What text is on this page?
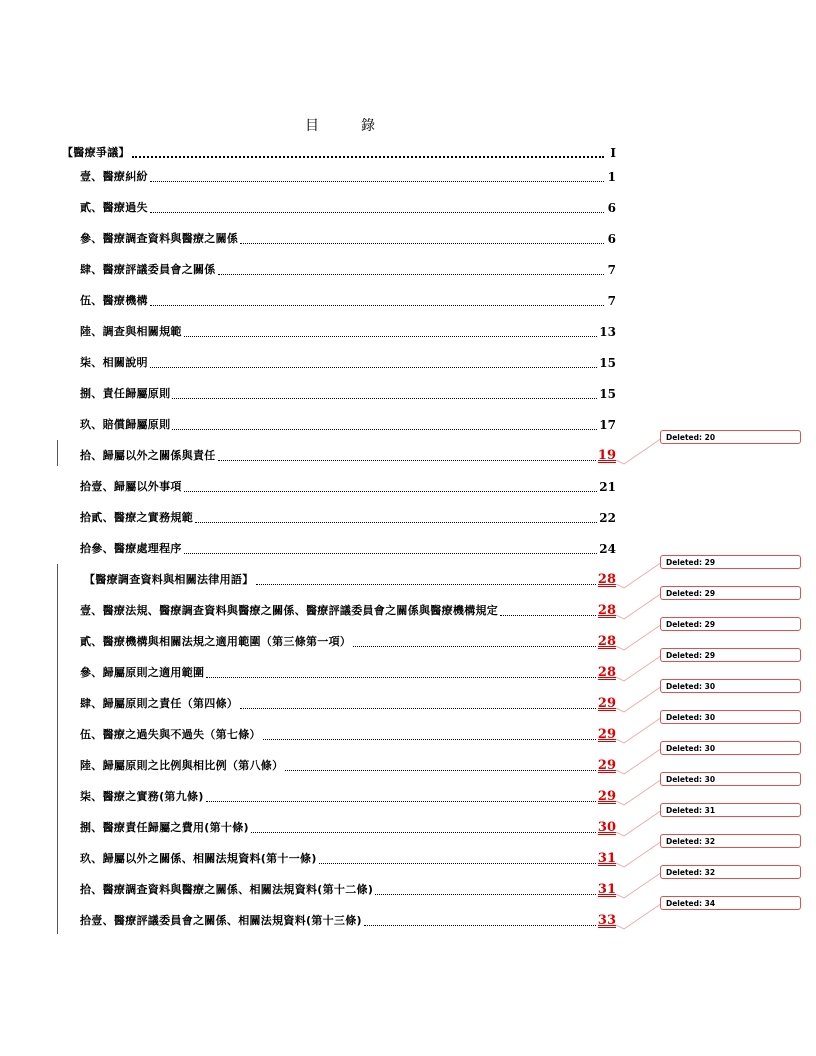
目　錄
【醫療爭議】	I
壹、醫療糾紛	1
貳、醫療過失	6
參、醫療調查資料與醫療之關係	6
肆、醫療評議委員會之關係	7
伍、醫療機構	7
陸、調查與相關規範	13
柒、相關說明	15
捌、責任歸屬原則	15
玖、賠償歸屬原則	17
拾、歸屬以外之關係與責任	19
拾壹、歸屬以外事項	21
拾貳、醫療之實務規範	22
拾參、醫療處理程序	24
【醫療調查資料與相關法律用語】	28
壹、醫療法規、醫療調查資料與醫療之關係、醫療評議委員會之關係與醫療機構規定	28
貳、醫療機構與相關法規之適用範圍（第三條第一項）	28
參、歸屬原則之適用範圍	28
肆、歸屬原則之責任（第四條）	29
伍、醫療之過失與不過失（第七條）	29
陸、歸屬原則之比例與相比例（第八條）	29
柒、醫療之實務(第九條)	29
捌、醫療責任歸屬之費用(第十條)	30
玖、歸屬以外之關係、相關法規資料(第十一條)	31
拾、醫療調查資料與醫療之關係、相關法規資料(第十二條)	31
拾壹、醫療評議委員會之關係、相關法規資料(第十三條)	33
Deleted: 20
Deleted: 29
Deleted: 29
Deleted: 29
Deleted: 29
Deleted: 30
Deleted: 30
Deleted: 30
Deleted: 30
Deleted: 31
Deleted: 32
Deleted: 32
Deleted: 34
